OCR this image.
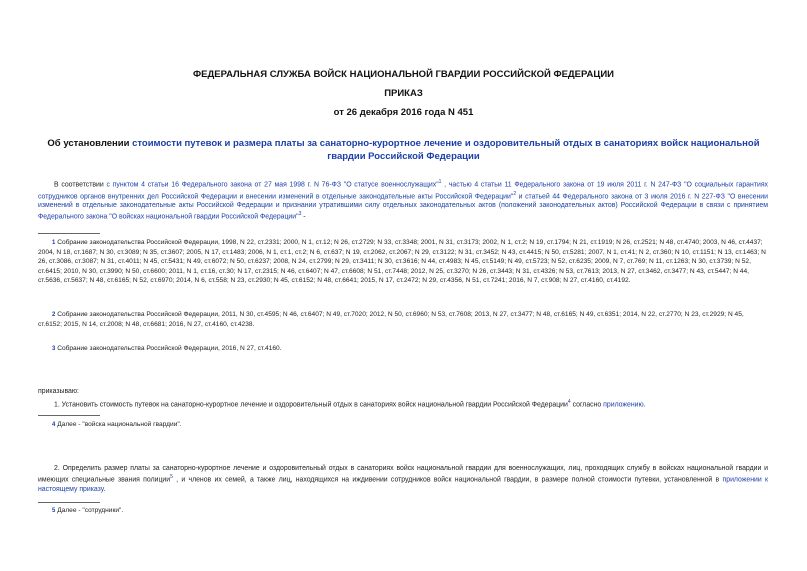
ФЕДЕРАЛЬНАЯ СЛУЖБА ВОЙСК НАЦИОНАЛЬНОЙ ГВАРДИИ РОССИЙСКОЙ ФЕДЕРАЦИИ
ПРИКАЗ
от 26 декабря 2016 года N 451
Об установлении стоимости путевок и размера платы за санаторно-курортное лечение и оздоровительный отдых в санаториях войск национальной гвардии Российской Федерации
В соответствии с пунктом 4 статьи 16 Федерального закона от 27 мая 1998 г. N 76-ФЗ "О статусе военнослужащих"$^1$ , частью 4 статьи 11 Федерального закона от 19 июля 2011 г. N 247-ФЗ "О социальных гарантиях сотрудников органов внутренних дел Российской Федерации и внесении изменений в отдельные законодательные акты Российской Федерации"$^2$ и статьей 44 Федерального закона от 3 июля 2016 г. N 227-ФЗ "О внесении изменений в отдельные законодательные акты Российской Федерации и признании утратившими силу отдельных законодательных актов (положений законодательных актов) Российской Федерации в связи с принятием Федерального закона "О войсках национальной гвардии Российской Федерации"$^3$ -
1 Собрание законодательства Российской Федерации, 1998, N 22, ст.2331; 2000, N 1, ст.12; N 26, ст.2729; N 33, ст.3348; 2001, N 31, ст.3173; 2002, N 1, ст.2; N 19, ст.1794; N 21, ст.1919; N 26, ст.2521; N 48, ст.4740; 2003, N 46, ст.4437; 2004, N 18, ст.1687; N 30, ст.3089; N 35, ст.3607; 2005, N 17, ст.1483; 2006, N 1, ст.1, ст.2; N 6, ст.637; N 19, ст.2062, ст.2067; N 29, ст.3122; N 31, ст.3452; N 43, ст.4415; N 50, ст.5281; 2007, N 1, ст.41; N 2, ст.360; N 10, ст.1151; N 13, ст.1463; N 26, ст.3086, ст.3087; N 31, ст.4011; N 45, ст.5431; N 49, ст.6072; N 50, ст.6237; 2008, N 24, ст.2799; N 29, ст.3411; N 30, ст.3616; N 44, ст.4983; N 45, ст.5149; N 49, ст.5723; N 52, ст.6235; 2009, N 7, ст.769; N 11, ст.1263; N 30, ст.3739; N 52, ст.6415; 2010, N 30, ст.3990; N 50, ст.6600; 2011, N 1, ст.16, ст.30; N 17, ст.2315; N 46, ст.6407; N 47, ст.6608; N 51, ст.7448; 2012, N 25, ст.3270; N 26, ст.3443; N 31, ст.4326; N 53, ст.7613; 2013, N 27, ст.3462, ст.3477; N 43, ст.5447; N 44, ст.5636, ст.5637; N 48, ст.6165; N 52, ст.6970; 2014, N 6, ст.558; N 23, ст.2930; N 45, ст.6152; N 48, ст.6641; 2015, N 17, ст.2472; N 29, ст.4356, N 51, ст.7241; 2016, N 7, ст.908; N 27, ст.4160, ст.4192.
2 Собрание законодательства Российской Федерации, 2011, N 30, ст.4595; N 46, ст.6407; N 49, ст.7020; 2012, N 50, ст.6960; N 53, ст.7608; 2013, N 27, ст.3477; N 48, ст.6165; N 49, ст.6351; 2014, N 22, ст.2770; N 23, ст.2929; N 45, ст.6152; 2015, N 14, ст.2008; N 48, ст.6681; 2016, N 27, ст.4160, ст.4238.
3 Собрание законодательства Российской Федерации, 2016, N 27, ст.4160.
приказываю:
1. Установить стоимость путевок на санаторно-курортное лечение и оздоровительный отдых в санаториях войск национальной гвардии Российской Федерации$^4$ согласно приложению.
4 Далее - "войска национальной гвардии".
2. Определить размер платы за санаторно-курортное лечение и оздоровительный отдых в санаториях войск национальной гвардии для военнослужащих, лиц, проходящих службу в войсках национальной гвардии и имеющих специальные звания полиции$^5$ , и членов их семей, а также лиц, находящихся на иждивении сотрудников войск национальной гвардии, в размере полной стоимости путевки, установленной в приложении к настоящему приказу.
5 Далее - "сотрудники".
